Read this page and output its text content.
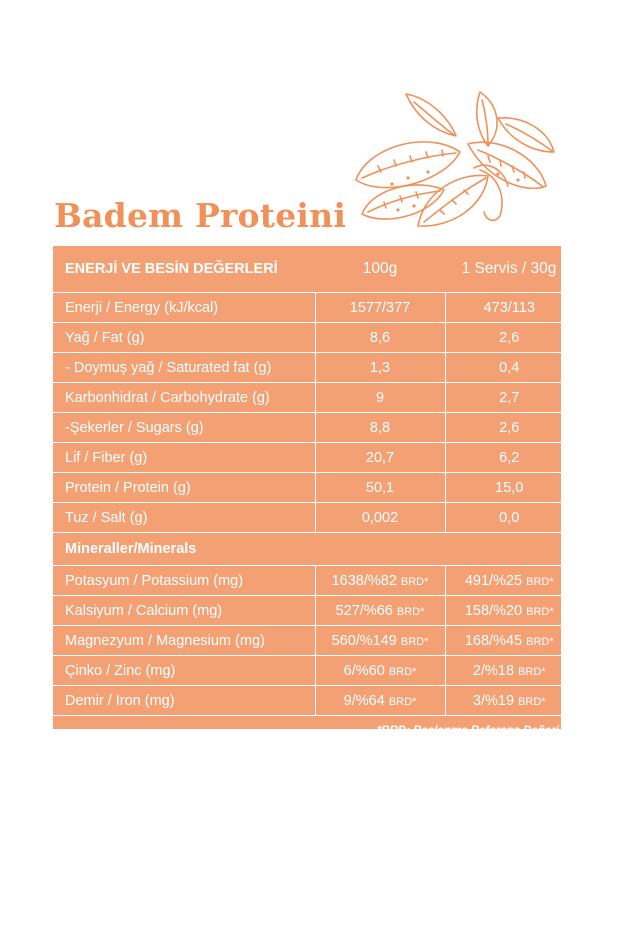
Badem Proteini
ENERJİ VE BESİN DEĞERLERİ	100g	1 Servis / 30g
Enerji / Energy (kJ/kcal)	1577/377	473/113
Yağ / Fat (g)	8,6	2,6
- Doymuş yağ / Saturated fat (g)	1,3	0,4
Karbonhidrat / Carbohydrate (g)	9	2,7
-Şekerler / Sugars (g)	8,8	2,6
Lif / Fiber (g)	20,7	6,2
Protein / Protein (g)	50,1	15,0
Tuz / Salt (g)	0,002	0,0
Mineraller/Minerals		
Potasyum / Potassium (mg)	1638/%82 BRD*	491/%25 BRD*
Kalsiyum / Calcium (mg)	527/%66 BRD*	158/%20 BRD*
Magnezyum / Magnesium (mg)	560/%149 BRD*	168/%45 BRD*
Çinko / Zinc (mg)	6/%60 BRD*	2/%18 BRD*
Demir / Iron (mg)	9/%64 BRD*	3/%19 BRD*
*BRD: Beslenme Referans Değeri		
